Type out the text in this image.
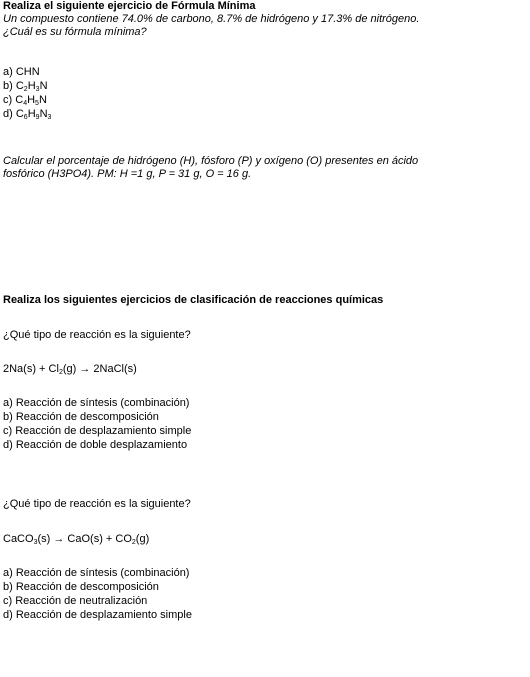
Realiza el siguiente ejercicio de Fórmula Mínima
Un compuesto contiene 74.0% de carbono, 8.7% de hidrógeno y 17.3% de nitrógeno.
¿Cuál es su fórmula mínima?
a) CHN
b) $C_2H_3N$
c) $C_4H_5N$
d) $C_6H_9N_3$
Calcular el porcentaje de hidrógeno (H), fósforo (P) y oxígeno (O) presentes en ácido
fosfórico (H3PO4). PM: H =1 g, P = 31 g, O = 16 g.
Realiza los siguientes ejercicios de clasificación de reacciones químicas
¿Qué tipo de reacción es la siguiente?
$2Na(s) + Cl_2(g)$ → 2NaCl(s)
a) Reacción de síntesis (combinación)
b) Reacción de descomposición
c) Reacción de desplazamiento simple
d) Reacción de doble desplazamiento
¿Qué tipo de reacción es la siguiente?
CaCO$_3$(s) → $CaO(s) + CO_2(g)$
a) Reacción de síntesis (combinación)
b) Reacción de descomposición
c) Reacción de neutralización
d) Reacción de desplazamiento simple
